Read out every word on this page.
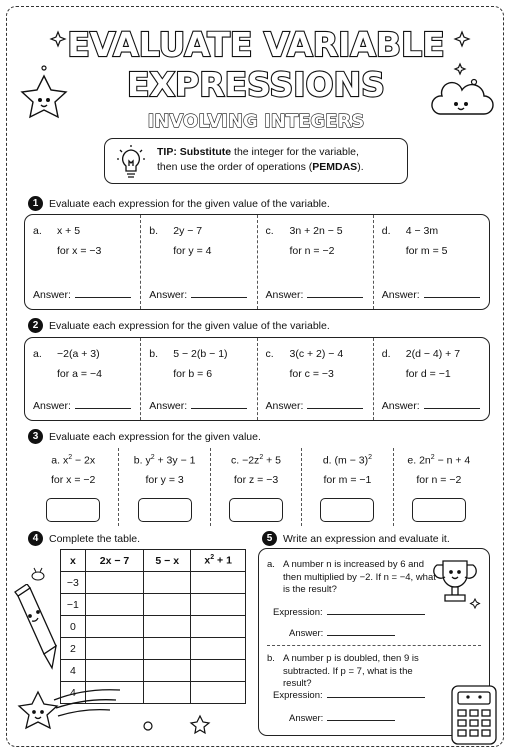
EVALUATE VARIABLE
EXPRESSIONS
INVOLVING INTEGERS
TIP: Substitute the integer for the variable,
then use the order of operations (PEMDAS).
1	Evaluate each expression for the given value of the variable.
a. x + 5
for x = −3
Answer:
b. 2y − 7
for y = 4
Answer:
c. 3n + 2n − 5
for n = −2
Answer:
d. 4 − 3m
for m = 5
Answer:
2	Evaluate each expression for the given value of the variable.
a. −2(a + 3)
for a = −4
Answer:
b. 5 − 2(b − 1)
for b = 6
Answer:
c. 3(c + 2) − 4
for c = −3
Answer:
d. 2(d − 4) + 7
for d = −1
Answer:
3	Evaluate each expression for the given value.
a. $x^2 - 2x$
for x = −2
b. $y^2 + 3y - 1$
for y = 3
c. $-2z^2 + 5$
for z = −3
d. $(m - 3)^2$
for m = −1
e. $2n^2 - n + 4$
for n = −2
4	Complete the table.
x	2x − 7	5 − x	$x^2 + 1$
−3			
−1			
0			
2			
4			
4			
5	Write an expression and evaluate it.
a. A number n is increased by 6 and then multiplied by −2. If n = −4, what is the result?
Expression:
Answer:
b. A number p is doubled, then 9 is subtracted. If p = 7, what is the result?
Expression:
Answer:
